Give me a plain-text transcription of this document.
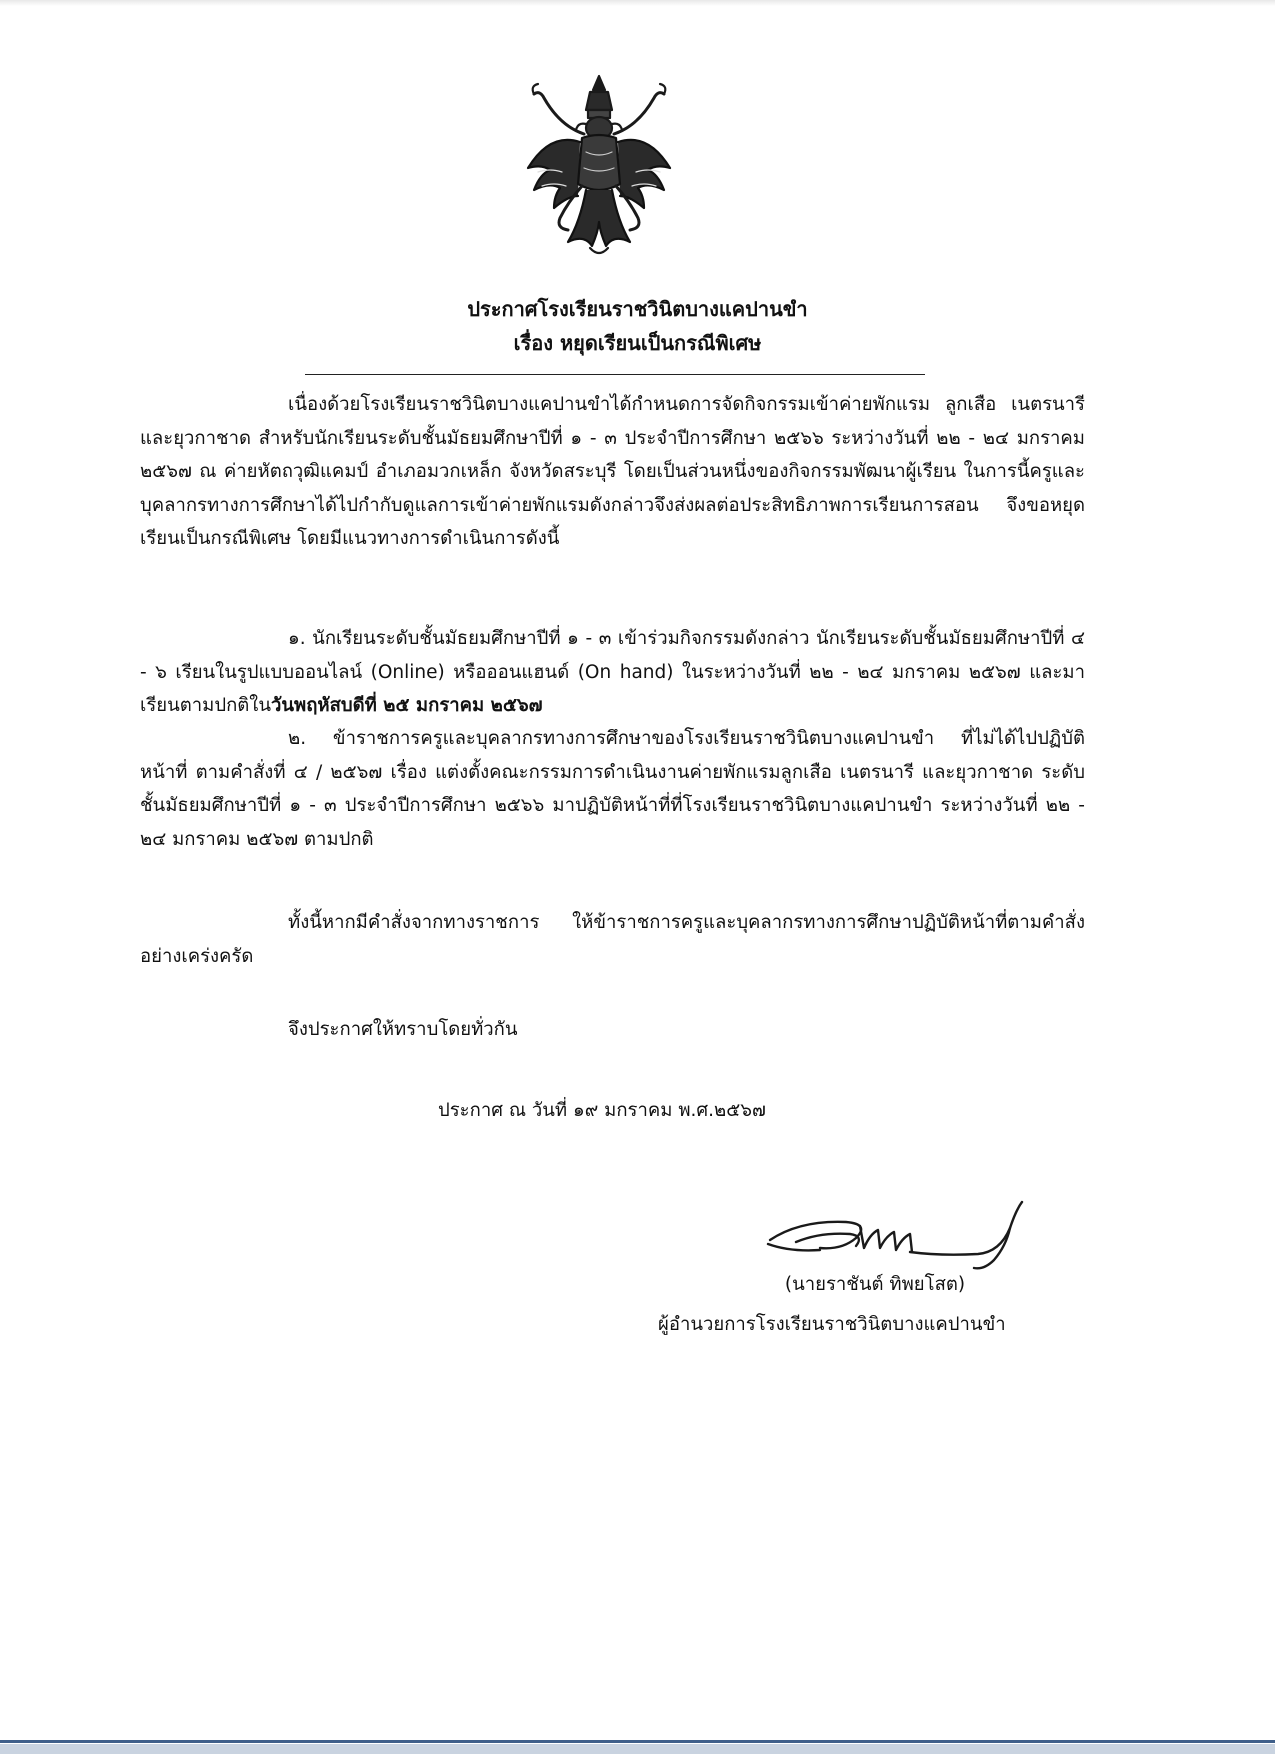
ประกาศโรงเรียนราชวินิตบางแคปานขำ
เรื่อง หยุดเรียนเป็นกรณีพิเศษ
เนื่องด้วยโรงเรียนราชวินิตบางแคปานขำได้กำหนดการจัดกิจกรรมเข้าค่ายพักแรม ลูกเสือ เนตรนารี และยุวกาชาด สำหรับนักเรียนระดับชั้นมัธยมศึกษาปีที่ ๑ - ๓ ประจำปีการศึกษา ๒๕๖๖ ระหว่างวันที่ ๒๒ - ๒๔ มกราคม ๒๕๖๗ ณ ค่ายหัตถวุฒิแคมป์ อำเภอมวกเหล็ก จังหวัดสระบุรี โดยเป็นส่วนหนึ่งของกิจกรรมพัฒนาผู้เรียน ในการนี้ครูและบุคลากรทางการศึกษาได้ไปกำกับดูแลการเข้าค่ายพักแรมดังกล่าวจึงส่งผลต่อประสิทธิภาพการเรียนการสอน จึงขอหยุดเรียนเป็นกรณีพิเศษ โดยมีแนวทางการดำเนินการดังนี้
๑. นักเรียนระดับชั้นมัธยมศึกษาปีที่ ๑ - ๓ เข้าร่วมกิจกรรมดังกล่าว นักเรียนระดับชั้นมัธยมศึกษาปีที่ ๔ - ๖ เรียนในรูปแบบออนไลน์ (Online) หรือออนแฮนด์ (On hand) ในระหว่างวันที่ ๒๒ - ๒๔ มกราคม ๒๕๖๗ และมาเรียนตามปกติในวันพฤหัสบดีที่ ๒๕ มกราคม ๒๕๖๗
๒. ข้าราชการครูและบุคลากรทางการศึกษาของโรงเรียนราชวินิตบางแคปานขำ ที่ไม่ได้ไปปฏิบัติหน้าที่ ตามคำสั่งที่ ๔ / ๒๕๖๗ เรื่อง แต่งตั้งคณะกรรมการดำเนินงานค่ายพักแรมลูกเสือ เนตรนารี และยุวกาชาด ระดับชั้นมัธยมศึกษาปีที่ ๑ - ๓ ประจำปีการศึกษา ๒๕๖๖ มาปฏิบัติหน้าที่ที่โรงเรียนราชวินิตบางแคปานขำ ระหว่างวันที่ ๒๒ - ๒๔ มกราคม ๒๕๖๗ ตามปกติ
ทั้งนี้หากมีคำสั่งจากทางราชการ ให้ข้าราชการครูและบุคลากรทางการศึกษาปฏิบัติหน้าที่ตามคำสั่งอย่างเคร่งครัด
จึงประกาศให้ทราบโดยทั่วกัน
ประกาศ ณ วันที่ ๑๙ มกราคม พ.ศ.๒๕๖๗
(นายราชันต์ ทิพยโสต)
ผู้อำนวยการโรงเรียนราชวินิตบางแคปานขำ
